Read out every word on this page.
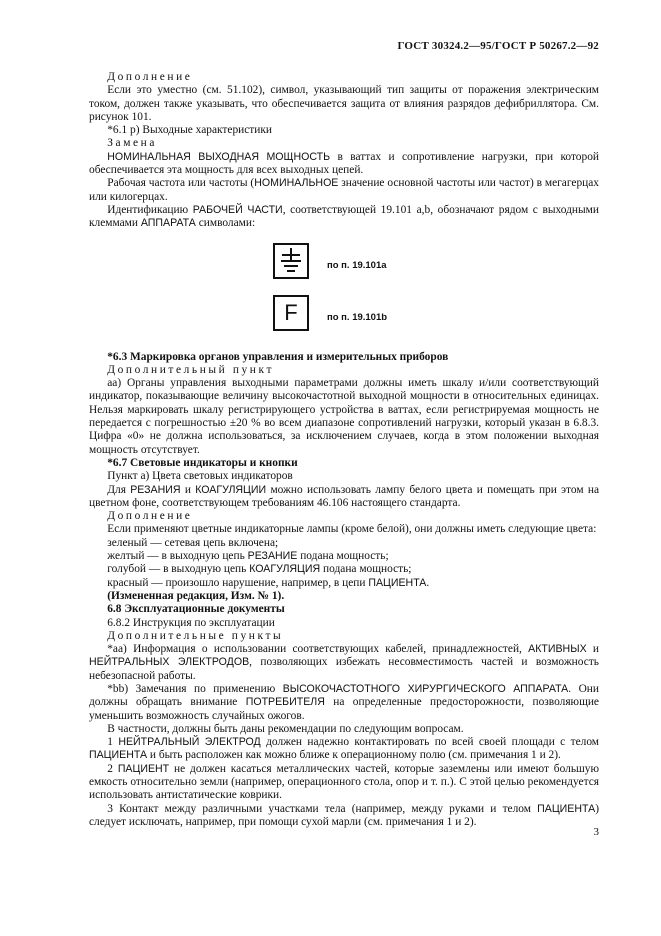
ГОСТ 30324.2—95/ГОСТ Р 50267.2—92

Дополнение

Если это уместно (см. 51.102), символ, указывающий тип защиты от поражения электрическим током, должен также указывать, что обеспечивается защита от влияния разрядов дефибриллятора. См. рисунок 101.

*6.1 р) Выходные характеристики

Замена

НОМИНАЛЬНАЯ ВЫХОДНАЯ МОЩНОСТЬ в ваттах и сопротивление нагрузки, при которой обеспечивается эта мощность для всех выходных цепей.

Рабочая частота или частоты (НОМИНАЛЬНОЕ значение основной частоты или частот) в мегагерцах или килогерцах.

Идентификацию РАБОЧЕЙ ЧАСТИ, соответствующей 19.101 a,b, обозначают рядом с выходными клеммами АППАРАТА символами:

по п. 19.101а
F	по п. 19.101b

*6.3 Маркировка органов управления и измерительных приборов

Дополнительный пункт

аа) Органы управления выходными параметрами должны иметь шкалу и/или соответствующий индикатор, показывающие величину высокочастотной выходной мощности в относительных единицах. Нельзя маркировать шкалу регистрирующего устройства в ваттах, если регистрируемая мощность не передается с погрешностью ±20 % во всем диапазоне сопротивлений нагрузки, который указан в 6.8.3. Цифра «0» не должна использоваться, за исключением случаев, когда в этом положении выходная мощность отсутствует.

*6.7 Световые индикаторы и кнопки

Пункт а) Цвета световых индикаторов

Для РЕЗАНИЯ и КОАГУЛЯЦИИ можно использовать лампу белого цвета и помещать при этом на цветном фоне, соответствующем требованиям 46.106 настоящего стандарта.

Дополнение

Если применяют цветные индикаторные лампы (кроме белой), они должны иметь следующие цвета:

зеленый — сетевая цепь включена;

желтый — в выходную цепь РЕЗАНИЕ подана мощность;

голубой — в выходную цепь КОАГУЛЯЦИЯ подана мощность;

красный — произошло нарушение, например, в цепи ПАЦИЕНТА.

(Измененная редакция, Изм. № 1).

6.8 Эксплуатационные документы

6.8.2 Инструкция по эксплуатации

Дополнительные пункты

*аа) Информация о использовании соответствующих кабелей, принадлежностей, АКТИВНЫХ и НЕЙТРАЛЬНЫХ ЭЛЕКТРОДОВ, позволяющих избежать несовместимость частей и возможность небезопасной работы.

*bb) Замечания по применению ВЫСОКОЧАСТОТНОГО ХИРУРГИЧЕСКОГО АППАРАТА. Они должны обращать внимание ПОТРЕБИТЕЛЯ на определенные предосторожности, позволяющие уменьшить возможность случайных ожогов.

В частности, должны быть даны рекомендации по следующим вопросам.

1 НЕЙТРАЛЬНЫЙ ЭЛЕКТРОД должен надежно контактировать по всей своей площади с телом ПАЦИЕНТА и быть расположен как можно ближе к операционному полю (см. примечания 1 и 2).

2 ПАЦИЕНТ не должен касаться металлических частей, которые заземлены или имеют большую емкость относительно земли (например, операционного стола, опор и т. п.). С этой целью рекомендуется использовать антистатические коврики.

3 Контакт между различными участками тела (например, между руками и телом ПАЦИЕНТА) следует исключать, например, при помощи сухой марли (см. примечания 1 и 2).

3
